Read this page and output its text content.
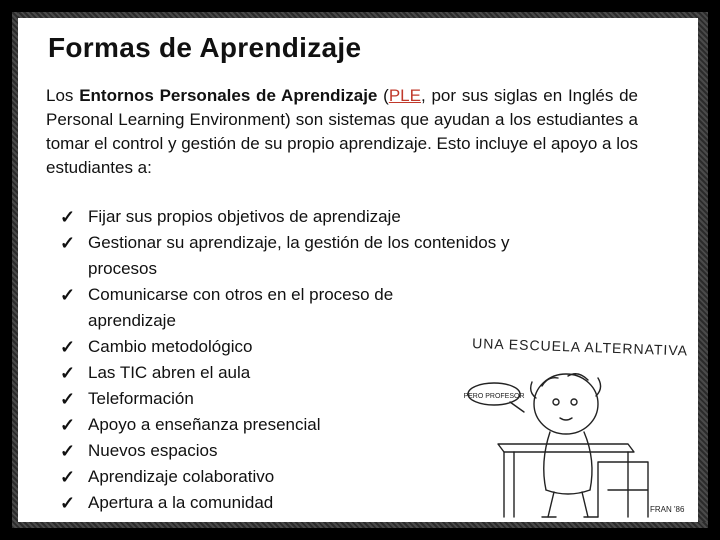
Formas de Aprendizaje
Los Entornos Personales de Aprendizaje (PLE, por sus siglas en Inglés de Personal Learning Environment) son sistemas que ayudan a los estudiantes a tomar el control y gestión de su propio aprendizaje. Esto incluye el apoyo a los estudiantes a:
✓ Fijar sus propios objetivos de aprendizaje
✓ Gestionar su aprendizaje, la gestión de los contenidos y
procesos
✓ Comunicarse con otros en el proceso de
aprendizaje
✓ Cambio metodológico
✓ Las TIC abren el aula
✓ Teleformación
✓ Apoyo a enseñanza presencial
✓ Nuevos espacios
✓ Aprendizaje colaborativo
✓ Apertura a la comunidad
PERO PROFESOR
UNA ESCUELA ALTERNATIVA
FRAN '86
EL CONSEJO EDUCATIVO DE CANARIAS
